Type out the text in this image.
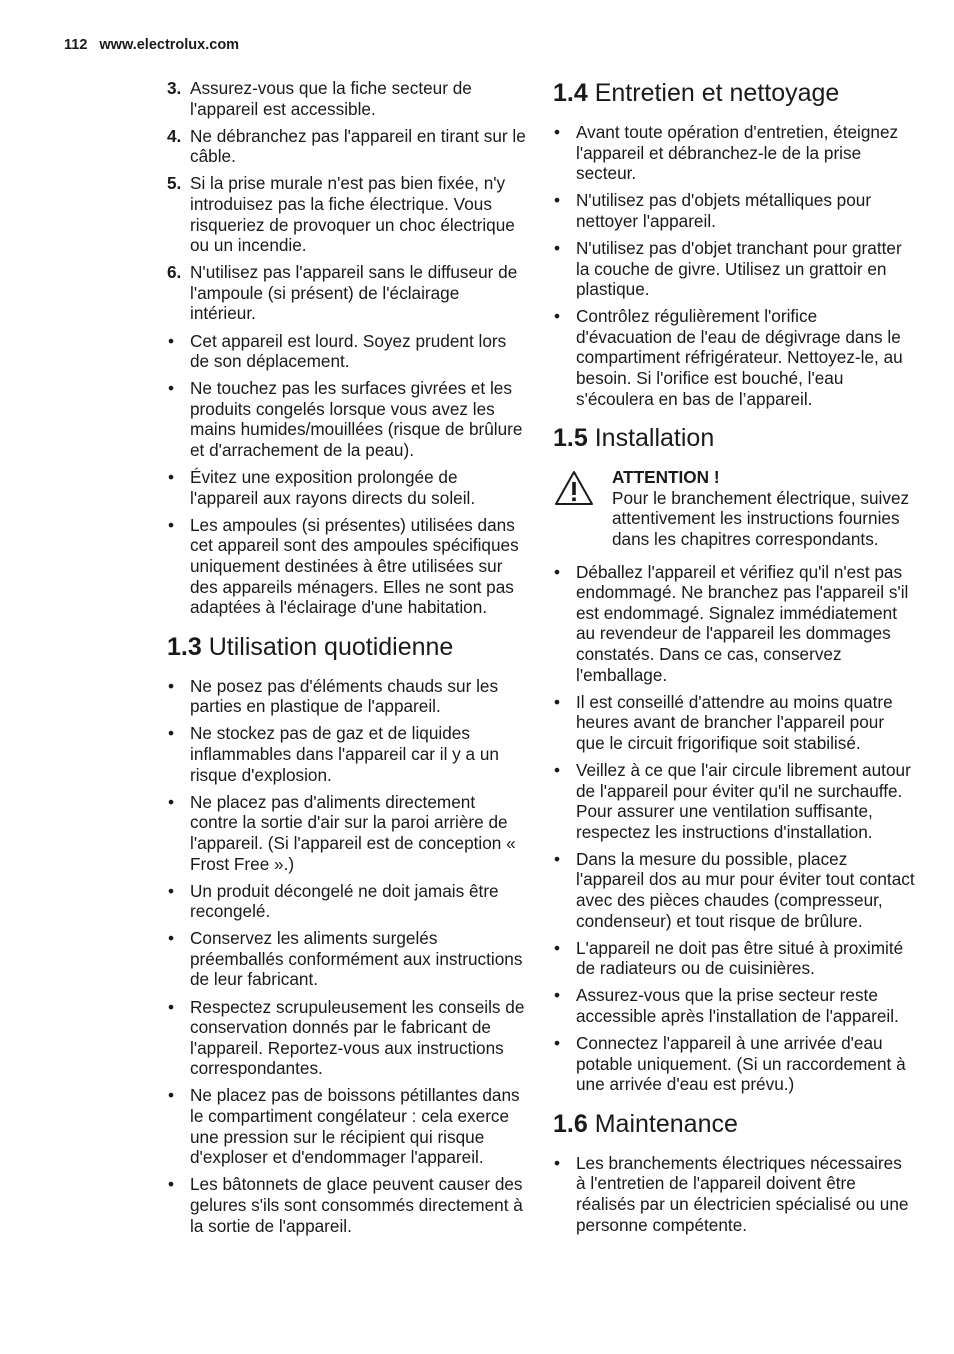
112 www.electrolux.com
3. Assurez-vous que la fiche secteur de l'appareil est accessible.
4. Ne débranchez pas l'appareil en tirant sur le câble.
5. Si la prise murale n'est pas bien fixée, n'y introduisez pas la fiche électrique. Vous risqueriez de provoquer un choc électrique ou un incendie.
6. N'utilisez pas l'appareil sans le diffuseur de l'ampoule (si présent) de l'éclairage intérieur.
• Cet appareil est lourd. Soyez prudent lors de son déplacement.
• Ne touchez pas les surfaces givrées et les produits congelés lorsque vous avez les mains humides/mouillées (risque de brûlure et d'arrachement de la peau).
• Évitez une exposition prolongée de l'appareil aux rayons directs du soleil.
• Les ampoules (si présentes) utilisées dans cet appareil sont des ampoules spécifiques uniquement destinées à être utilisées sur des appareils ménagers. Elles ne sont pas adaptées à l'éclairage d'une habitation.
1.3 Utilisation quotidienne
• Ne posez pas d'éléments chauds sur les parties en plastique de l'appareil.
• Ne stockez pas de gaz et de liquides inflammables dans l'appareil car il y a un risque d'explosion.
• Ne placez pas d'aliments directement contre la sortie d'air sur la paroi arrière de l'appareil. (Si l'appareil est de conception « Frost Free ».)
• Un produit décongelé ne doit jamais être recongelé.
• Conservez les aliments surgelés préemballés conformément aux instructions de leur fabricant.
• Respectez scrupuleusement les conseils de conservation donnés par le fabricant de l'appareil. Reportez-vous aux instructions correspondantes.
• Ne placez pas de boissons pétillantes dans le compartiment congélateur : cela exerce une pression sur le récipient qui risque d'exploser et d'endommager l'appareil.
• Les bâtonnets de glace peuvent causer des gelures s'ils sont consommés directement à la sortie de l'appareil.
1.4 Entretien et nettoyage
• Avant toute opération d'entretien, éteignez l'appareil et débranchez-le de la prise secteur.
• N'utilisez pas d'objets métalliques pour nettoyer l'appareil.
• N'utilisez pas d'objet tranchant pour gratter la couche de givre. Utilisez un grattoir en plastique.
• Contrôlez régulièrement l'orifice d'évacuation de l'eau de dégivrage dans le compartiment réfrigérateur. Nettoyez-le, au besoin. Si l'orifice est bouché, l'eau s'écoulera en bas de l’appareil.
1.5 Installation
ATTENTION !
Pour le branchement électrique, suivez attentivement les instructions fournies dans les chapitres correspondants.
• Déballez l'appareil et vérifiez qu'il n'est pas endommagé. Ne branchez pas l'appareil s'il est endommagé. Signalez immédiatement au revendeur de l'appareil les dommages constatés. Dans ce cas, conservez l'emballage.
• Il est conseillé d'attendre au moins quatre heures avant de brancher l'appareil pour que le circuit frigorifique soit stabilisé.
• Veillez à ce que l'air circule librement autour de l'appareil pour éviter qu'il ne surchauffe. Pour assurer une ventilation suffisante, respectez les instructions d'installation.
• Dans la mesure du possible, placez l'appareil dos au mur pour éviter tout contact avec des pièces chaudes (compresseur, condenseur) et tout risque de brûlure.
• L'appareil ne doit pas être situé à proximité de radiateurs ou de cuisinières.
• Assurez-vous que la prise secteur reste accessible après l'installation de l'appareil.
• Connectez l'appareil à une arrivée d'eau potable uniquement. (Si un raccordement à une arrivée d'eau est prévu.)
1.6 Maintenance
• Les branchements électriques nécessaires à l'entretien de l'appareil doivent être réalisés par un électricien spécialisé ou une personne compétente.
